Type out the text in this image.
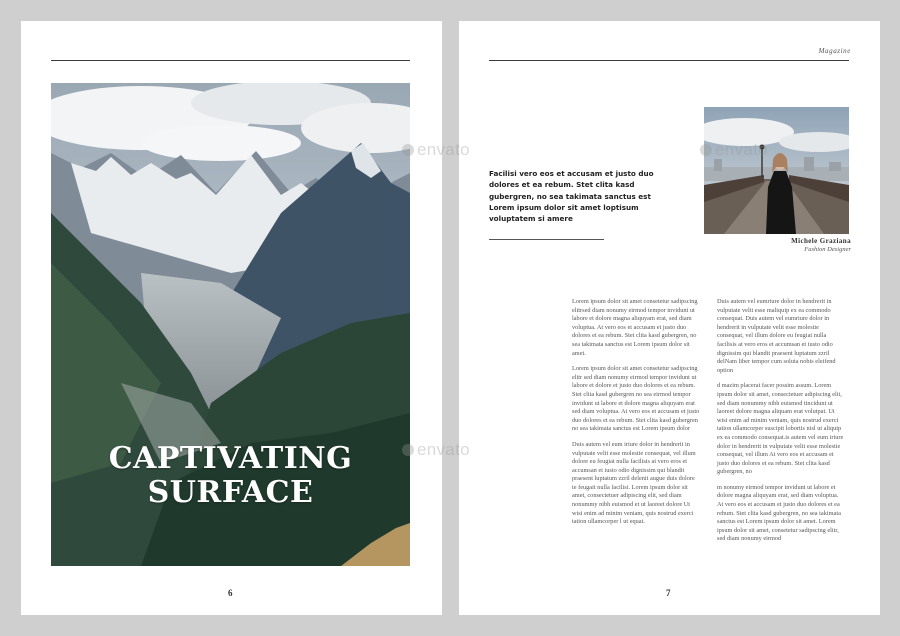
CAPTIVATING
SURFACE
6
Magazine
Facilisi vero eos et accusam et justo duo dolores et ea rebum. Stet clita kasd gubergren, no sea takimata sanctus est Lorem ipsum dolor sit amet loptisum voluptatem si amere
Michele Graziana
Fashion Designer

Lorem ipsum dolor sit amet consetetur sadipscing elitrsed diam nonumy eirmod tempor invidunt ut labore et dolore magna aliquyam erat, sed diam voluptua. At vero eos et accusam et justo duo dolores et ea rebum. Stet clita kasd gubergren, no sea takimata sanctus est Lorem ipsum dolor sit amet.

Lorem ipsum dolor sit amet consetetur sadipscing elitr sed diam nonumy eirmod tempor invidunt ut labore et dolore et justo duo dolores et ea rebum. Stet clita kasd gubergren no sea eirmod tempor invidunt ut labore et dolore magna aliquyam erat sed diam voluptua. At vero eos et accusam et justo duo dolores et ea rebum. Stet clita kasd gubergren no sea takimata sanctus est Lorem ipsum dolor

Duis autem vel eum iriure dolor in hendrerit in vulputate velit esse molestie consequat, vel illum dolore eu feugiat nulla facilisis at vero eros et accumsan et iusto odio dignissim qui blandit praesent luptatum zzril delenit augue duis dolore te feugait nulla facilisi. Lorem ipsum dolor sit amet, consectetuer adipiscing elit, sed diam nonummy nibh euismod et ut laoreet dolore Ut wisi enim ad minim veniam, quis nostrud exerci tation ullamcorper l ut equat.

Duis autem vel eumriure dolor in hendrerit in vulputate velit esse maliquip ex ea commodo consequat. Duis autem vel eumriure dolor in hendrerit in vulputate velit esse molestie consequat, vel illum dolore eu feugiat nulla facilisis at vero eros et accumsan et iusto odio dignissim qui blandit praesent luptatum zzril delNam liber tempor cum soluta nobis eleifend option

d mazim placerat facer possim assum. Lorem ipsum dolor sit amet, consectetuer adipiscing elit, sed diam nonummy nibh euismod tincidunt ut laoreet dolore magna aliquam erat volutpat. Ut wisi enim ad minim veniam, quis nostrud exerci tation ullamcorper suscipit lobortis nisl ut aliquip ex ea commodo consequat.is autem vel eum iriure dolor in hendrerit in vulputate velit esse molestie consequat, vel illum At vero eos et accusam et justo duo dolores et ea rebum. Stet clita kasd gubergren, no

m nonumy eirmod tempor invidunt ut labore et dolore magna aliquyam erat, sed diam voluptua. At vero eos et accusam et justo duo dolores et ea rebum. Stet clita kasd gubergren, no sea takimata sanctus est Lorem ipsum dolor sit amet. Lorem ipsum dolor sit amet, consetetur sadipscing elitr, sed diam nonumy eirmod

7
envato
envato
envato
